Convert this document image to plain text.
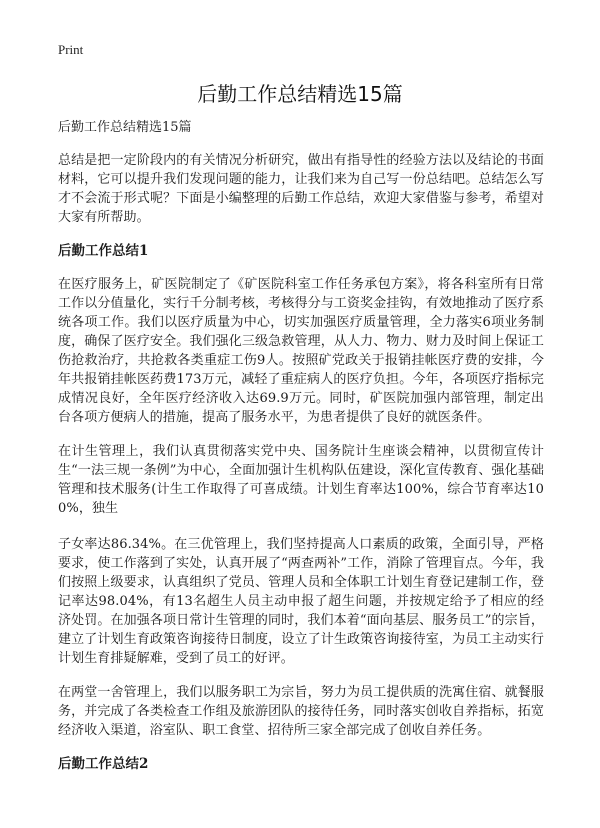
Print
后勤工作总结精选15篇

后勤工作总结精选15篇

总结是把一定阶段内的有关情况分析研究，做出有指导性的经验方法以及结论的书面材料，它可以提升我们发现问题的能力，让我们来为自己写一份总结吧。总结怎么写才不会流于形式呢？下面是小编整理的后勤工作总结，欢迎大家借鉴与参考，希望对大家有所帮助。

后勤工作总结1

在医疗服务上，矿医院制定了《矿医院科室工作任务承包方案》，将各科室所有日常工作以分值量化，实行千分制考核，考核得分与工资奖金挂钩，有效地推动了医疗系统各项工作。我们以医疗质量为中心，切实加强医疗质量管理，全力落实6项业务制度，确保了医疗安全。我们强化三级急救管理，从人力、物力、财力及时间上保证工伤抢救治疗，共抢救各类重症工伤9人。按照矿党政关于报销挂帐医疗费的安排，今年共报销挂帐医药费173万元，减轻了重症病人的医疗负担。今年，各项医疗指标完成情况良好，全年医疗经济收入达69.9万元。同时，矿医院加强内部管理，制定出台各项方便病人的措施，提高了服务水平，为患者提供了良好的就医条件。

在计生管理上，我们认真贯彻落实党中央、国务院计生座谈会精神，以贯彻宣传计生“一法三规一条例”为中心，全面加强计生机构队伍建设，深化宣传教育、强化基础管理和技术服务(计生工作取得了可喜成绩。计划生育率达100%，综合节育率达100%，独生

子女率达86.34%。在三优管理上，我们坚持提高人口素质的政策，全面引导，严格要求，使工作落到了实处，认真开展了“两查两补”工作，消除了管理盲点。今年，我们按照上级要求，认真组织了党员、管理人员和全体职工计划生育登记建制工作，登记率达98.04%，有13名超生人员主动申报了超生问题，并按规定给予了相应的经济处罚。在加强各项日常计生管理的同时，我们本着“面向基层、服务员工”的宗旨，建立了计划生育政策咨询接待日制度，设立了计生政策咨询接待室，为员工主动实行计划生育排疑解难，受到了员工的好评。

在两堂一舍管理上，我们以服务职工为宗旨，努力为员工提供质的洗寓住宿、就餐服务，并完成了各类检查工作组及旅游团队的接待任务，同时落实创收自养指标，拓宽经济收入渠道，浴室队、职工食堂、招待所三家全部完成了创收自养任务。

后勤工作总结2
